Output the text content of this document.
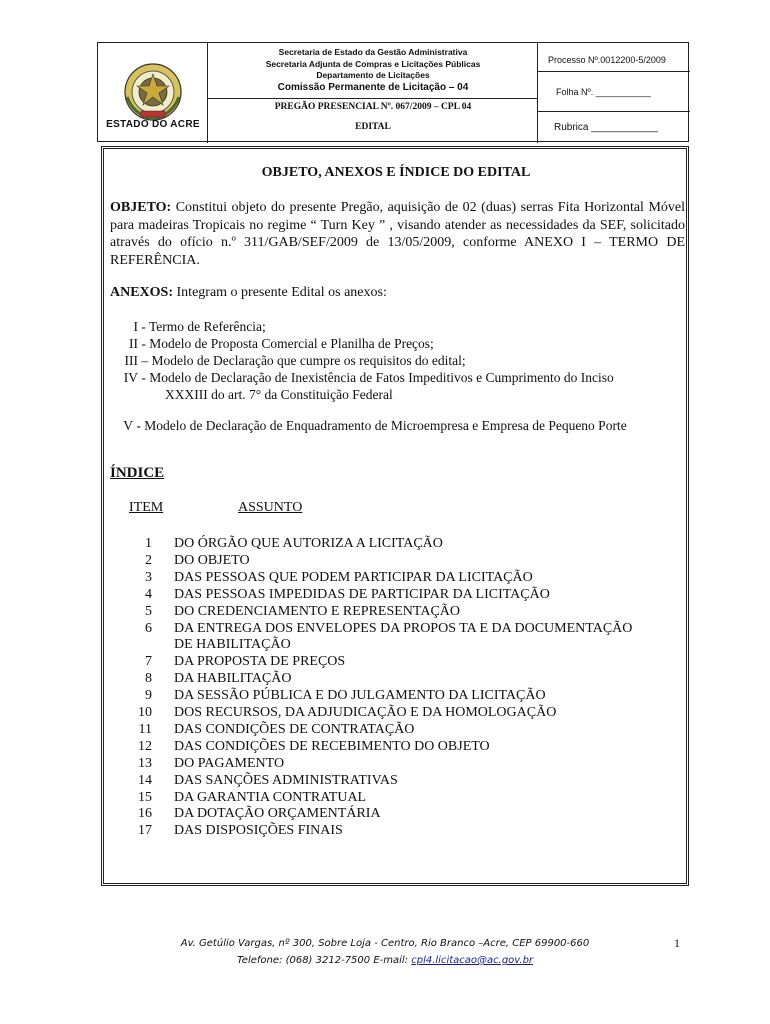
ESTADO DO ACRE
Secretaria de Estado da Gestão Administrativa
Secretaria Adjunta de Compras e Licitações Públicas
Departamento de Licitações
Comissão Permanente de Licitação – 04
PREGÃO PRESENCIAL Nº. 067/2009 – CPL 04
EDITAL
Processo Nº.0012200-5/2009
Folha Nº. ___________
Rubrica ____________
OBJETO, ANEXOS E ÍNDICE DO EDITAL
OBJETO: Constitui objeto do presente Pregão, aquisição de 02 (duas) serras Fita Horizontal Móvel para madeiras Tropicais no regime “ Turn Key ” , visando atender as necessidades da SEF, solicitado através do ofício n.º 311/GAB/SEF/2009 de 13/05/2009, conforme ANEXO I – TERMO DE REFERÊNCIA.
ANEXOS: Integram o presente Edital os anexos:
I - Termo de Referência;
II - Modelo de Proposta Comercial e Planilha de Preços;
III – Modelo de Declaração que cumpre os requisitos do edital;
IV - Modelo de Declaração de Inexistência de Fatos Impeditivos e Cumprimento do Inciso
XXXIII do art. 7° da Constituição Federal
V - Modelo de Declaração de Enquadramento de Microempresa e Empresa de Pequeno Porte
ÍNDICE
ITEM	ASSUNTO
1 DO ÓRGÃO QUE AUTORIZA A LICITAÇÃO
2 DO OBJETO
3 DAS PESSOAS QUE PODEM PARTICIPAR DA LICITAÇÃO
4 DAS PESSOAS IMPEDIDAS DE PARTICIPAR DA LICITAÇÃO
5 DO CREDENCIAMENTO E REPRESENTAÇÃO
6 DA ENTREGA DOS ENVELOPES DA PROPOS TA E DA DOCUMENTAÇÃO
DE HABILITAÇÃO
7 DA PROPOSTA DE PREÇOS
8 DA HABILITAÇÃO
9 DA SESSÃO PÚBLICA E DO JULGAMENTO DA LICITAÇÃO
10 DOS RECURSOS, DA ADJUDICAÇÃO E DA HOMOLOGAÇÃO
11 DAS CONDIÇÕES DE CONTRATAÇÃO
12 DAS CONDIÇÕES DE RECEBIMENTO DO OBJETO
13 DO PAGAMENTO
14 DAS SANÇÕES ADMINISTRATIVAS
15 DA GARANTIA CONTRATUAL
16 DA DOTAÇÃO ORÇAMENTÁRIA
17 DAS DISPOSIÇÕES FINAIS
Av. Getúlio Vargas, nº 300, Sobre Loja - Centro, Rio Branco –Acre, CEP 69900-660
Telefone: (068) 3212-7500 E-mail: cpl4.licitacao@ac.gov.br
1
